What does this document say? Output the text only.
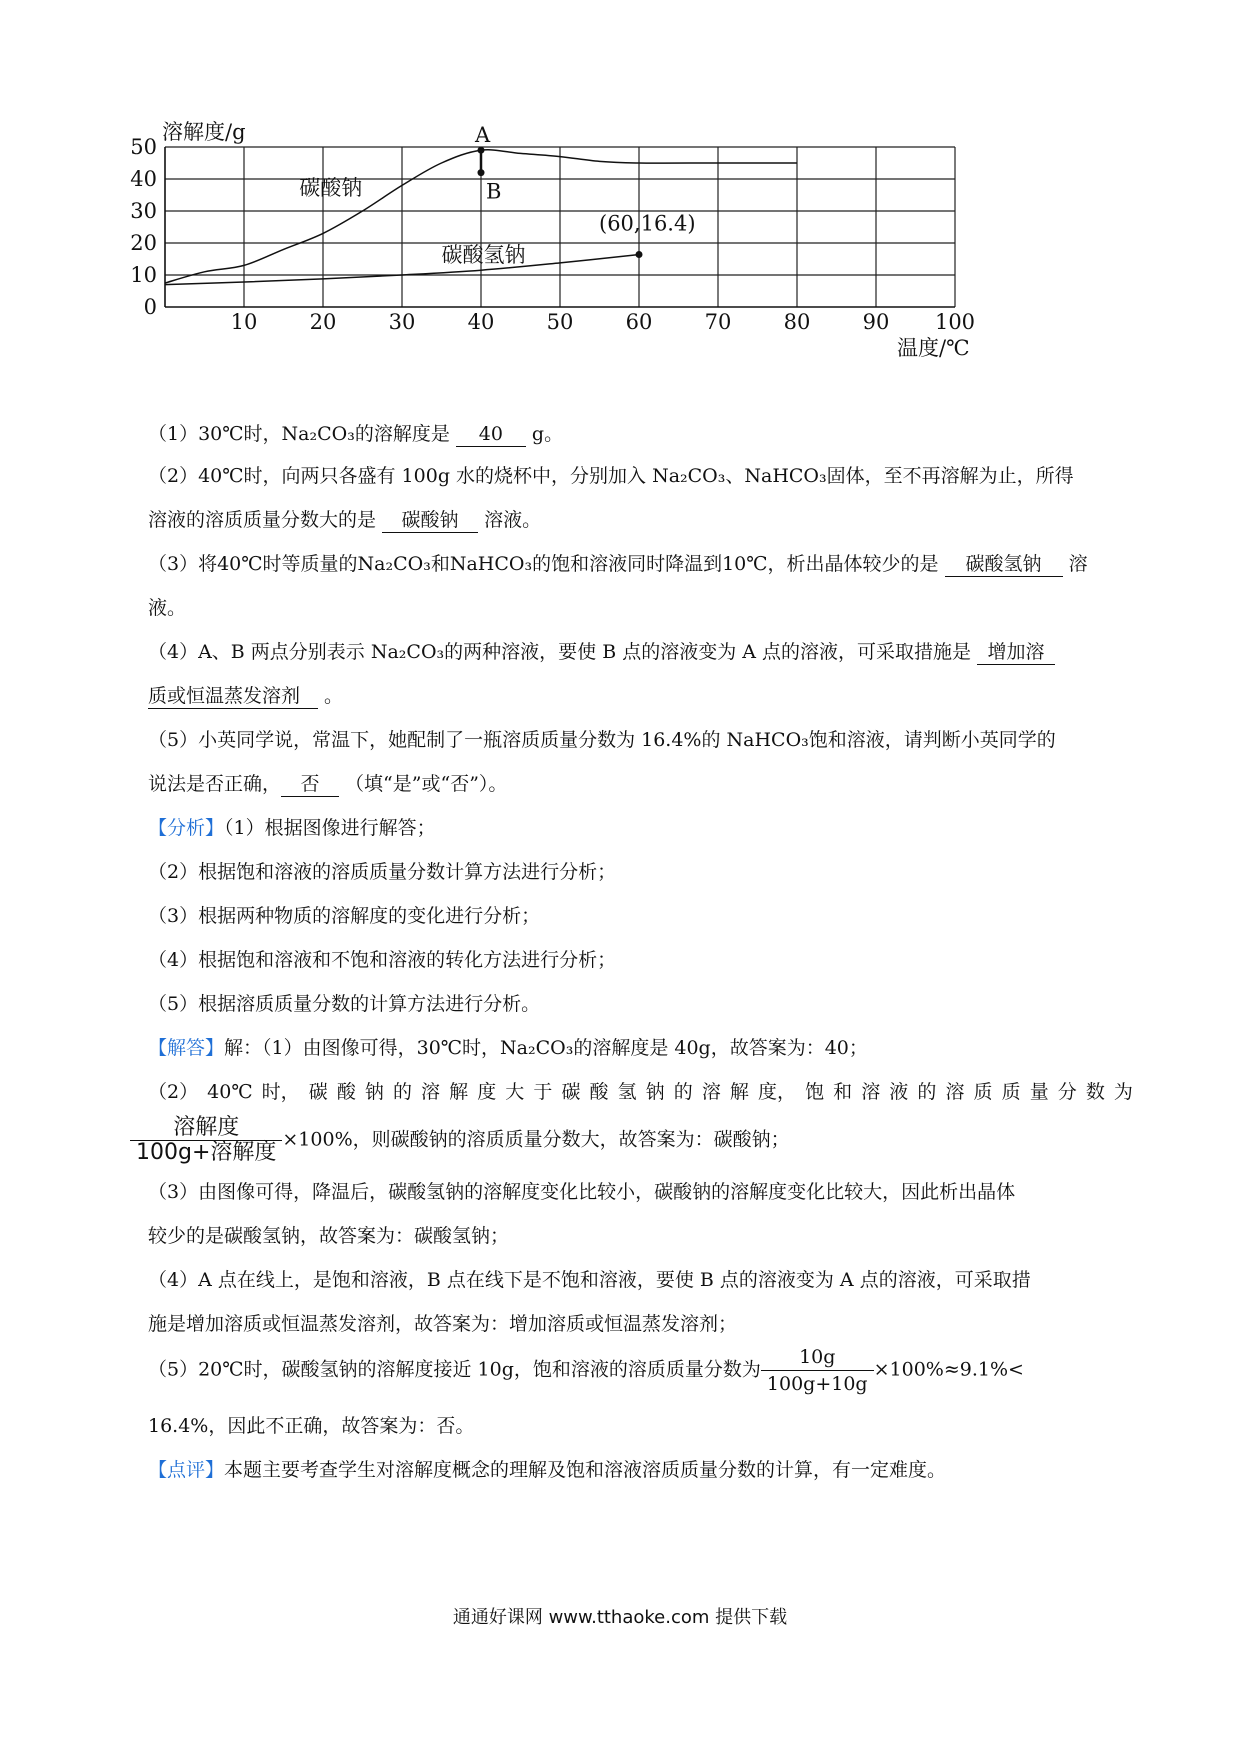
10 20 30 40 50 60 70 80 90 100
0
10
20
30
40
50
溶解度/g
温度/℃
碳酸钠
碳酸氢钠
(60,16.4)
A
B
（1）30℃时，Na₂CO₃的溶解度是 40 g。
（2）40℃时，向两只各盛有 100g 水的烧杯中，分别加入 Na₂CO₃、NaHCO₃固体，至不再溶解为止，所得
溶液的溶质质量分数大的是 碳酸钠 溶液。
（3）将40℃时等质量的Na₂CO₃和NaHCO₃的饱和溶液同时降温到10℃，析出晶体较少的是 碳酸氢钠 溶
液。
（4）A、B 两点分别表示 Na₂CO₃的两种溶液，要使 B 点的溶液变为 A 点的溶液，可采取措施是 增加溶
质或恒温蒸发溶剂 。
（5）小英同学说，常温下，她配制了一瓶溶质质量分数为 16.4%的 NaHCO₃饱和溶液，请判断小英同学的
说法是否正确， 否 （填“是”或“否”）。
【分析】（1）根据图像进行解答；
（2）根据饱和溶液的溶质质量分数计算方法进行分析；
（3）根据两种物质的溶解度的变化进行分析；
（4）根据饱和溶液和不饱和溶液的转化方法进行分析；
（5）根据溶质质量分数的计算方法进行分析。
【解答】解：（1）由图像可得，30℃时，Na₂CO₃的溶解度是 40g，故答案为：40；
（2） 40℃ 时， 碳 酸 钠 的 溶 解 度 大 于 碳 酸 氢 钠 的 溶 解 度， 饱 和 溶 液 的 溶 质 质 量 分 数 为
$\frac{\text{溶解度}}{\text{100g+溶解度}} \times 100\%$，则碳酸钠的溶质质量分数大，故答案为：碳酸钠；
（3）由图像可得，降温后，碳酸氢钠的溶解度变化比较小，碳酸钠的溶解度变化比较大，因此析出晶体
较少的是碳酸氢钠，故答案为：碳酸氢钠；
（4）A 点在线上，是饱和溶液，B 点在线下是不饱和溶液，要使 B 点的溶液变为 A 点的溶液，可采取措
施是增加溶质或恒温蒸发溶剂，故答案为：增加溶质或恒温蒸发溶剂；
（5）20℃时，碳酸氢钠的溶解度接近 10g，饱和溶液的溶质质量分数为 $\frac{10g}{100g+10g} \times 100\%\approx 9.1\%<$
16.4%，因此不正确，故答案为：否。
【点评】本题主要考查学生对溶解度概念的理解及饱和溶液溶质质量分数的计算，有一定难度。
通通好课网 www.tthaoke.com 提供下载
